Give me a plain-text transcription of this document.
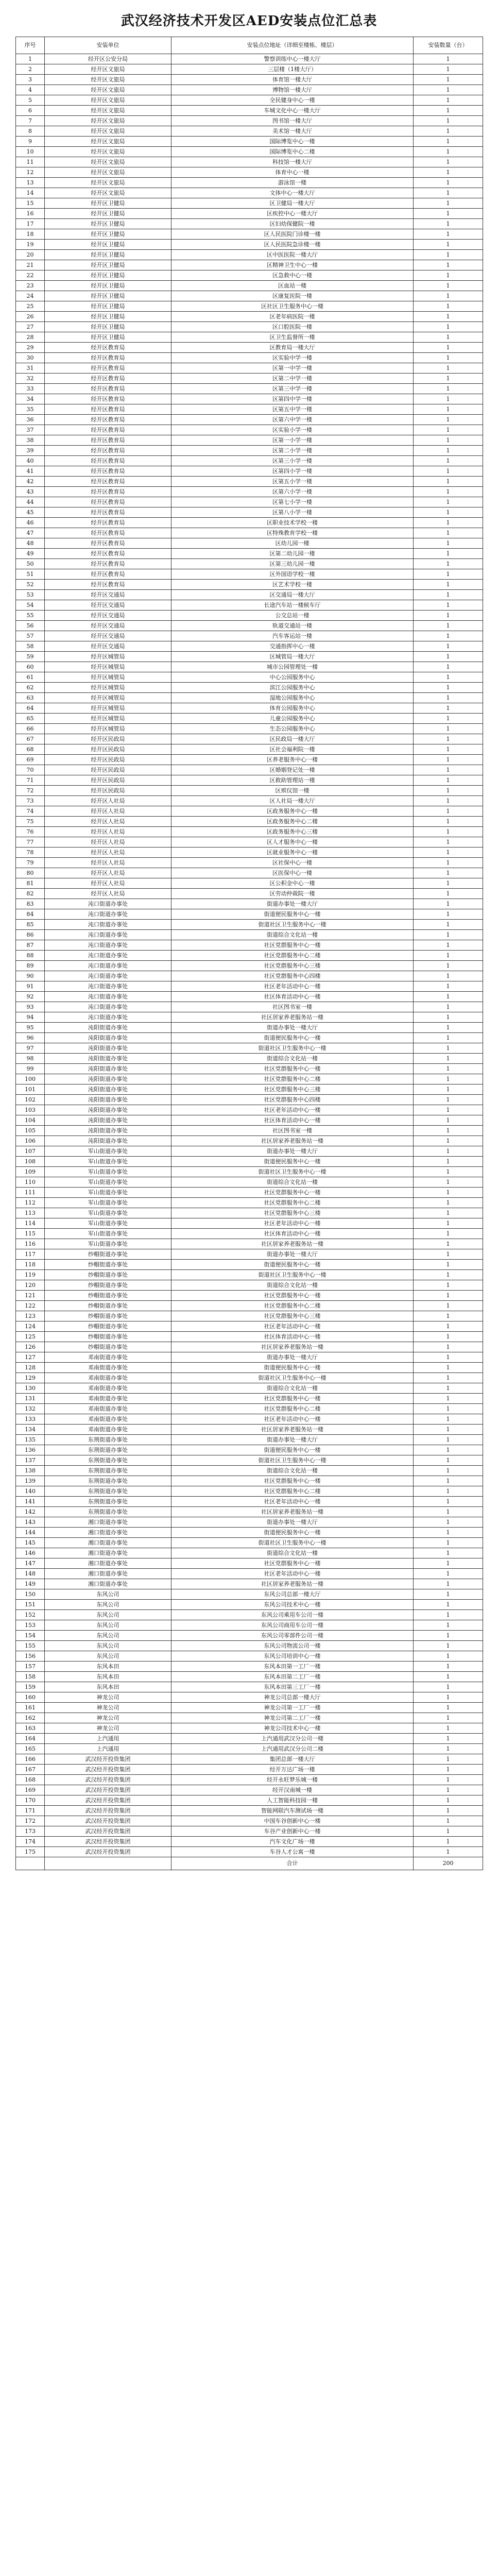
武汉经济技术开发区AED安装点位汇总表
序号	安装单位	安装点位地址（详细至楼栋、楼层）	安装数量（台）
1	经开区公安分局	警察训练中心一楼大厅	1
2	经开区文旅局	三层楼（1楼大厅）	1
3	经开区文旅局	体育馆一楼大厅	1
4	经开区文旅局	博物馆一楼大厅	1
5	经开区文旅局	全民健身中心一楼	1
6	经开区文旅局	车城文化中心一楼大厅	1
7	经开区文旅局	图书馆一楼大厅	1
8	经开区文旅局	美术馆一楼大厅	1
9	经开区文旅局	国际博览中心一楼	1
10	经开区文旅局	国际博览中心二楼	1
11	经开区文旅局	科技馆一楼大厅	1
12	经开区文旅局	体育中心一楼	1
13	经开区文旅局	游泳馆一楼	1
14	经开区文旅局	文体中心一楼大厅	1
15	经开区卫健局	区卫健局一楼大厅	1
16	经开区卫健局	区疾控中心一楼大厅	1
17	经开区卫健局	区妇幼保健院一楼	1
18	经开区卫健局	区人民医院门诊楼一楼	1
19	经开区卫健局	区人民医院急诊楼一楼	1
20	经开区卫健局	区中医医院一楼大厅	1
21	经开区卫健局	区精神卫生中心一楼	1
22	经开区卫健局	区急救中心一楼	1
23	经开区卫健局	区血站一楼	1
24	经开区卫健局	区康复医院一楼	1
25	经开区卫健局	区社区卫生服务中心一楼	1
26	经开区卫健局	区老年病医院一楼	1
27	经开区卫健局	区口腔医院一楼	1
28	经开区卫健局	区卫生监督所一楼	1
29	经开区教育局	区教育局一楼大厅	1
30	经开区教育局	区实验中学一楼	1
31	经开区教育局	区第一中学一楼	1
32	经开区教育局	区第二中学一楼	1
33	经开区教育局	区第三中学一楼	1
34	经开区教育局	区第四中学一楼	1
35	经开区教育局	区第五中学一楼	1
36	经开区教育局	区第六中学一楼	1
37	经开区教育局	区实验小学一楼	1
38	经开区教育局	区第一小学一楼	1
39	经开区教育局	区第二小学一楼	1
40	经开区教育局	区第三小学一楼	1
41	经开区教育局	区第四小学一楼	1
42	经开区教育局	区第五小学一楼	1
43	经开区教育局	区第六小学一楼	1
44	经开区教育局	区第七小学一楼	1
45	经开区教育局	区第八小学一楼	1
46	经开区教育局	区职业技术学校一楼	1
47	经开区教育局	区特殊教育学校一楼	1
48	经开区教育局	区幼儿园一楼	1
49	经开区教育局	区第二幼儿园一楼	1
50	经开区教育局	区第三幼儿园一楼	1
51	经开区教育局	区外国语学校一楼	1
52	经开区教育局	区艺术学校一楼	1
53	经开区交通局	区交通局一楼大厅	1
54	经开区交通局	长途汽车站一楼候车厅	1
55	经开区交通局	公交总站一楼	1
56	经开区交通局	轨道交通站一楼	1
57	经开区交通局	汽车客运站一楼	1
58	经开区交通局	交通指挥中心一楼	1
59	经开区城管局	区城管局一楼大厅	1
60	经开区城管局	城市公园管理处一楼	1
61	经开区城管局	中心公园服务中心	1
62	经开区城管局	滨江公园服务中心	1
63	经开区城管局	湿地公园服务中心	1
64	经开区城管局	体育公园服务中心	1
65	经开区城管局	儿童公园服务中心	1
66	经开区城管局	生态公园服务中心	1
67	经开区民政局	区民政局一楼大厅	1
68	经开区民政局	区社会福利院一楼	1
69	经开区民政局	区养老服务中心一楼	1
70	经开区民政局	区婚姻登记处一楼	1
71	经开区民政局	区救助管理站一楼	1
72	经开区民政局	区殡仪馆一楼	1
73	经开区人社局	区人社局一楼大厅	1
74	经开区人社局	区政务服务中心一楼	1
75	经开区人社局	区政务服务中心二楼	1
76	经开区人社局	区政务服务中心三楼	1
77	经开区人社局	区人才服务中心一楼	1
78	经开区人社局	区就业服务中心一楼	1
79	经开区人社局	区社保中心一楼	1
80	经开区人社局	区医保中心一楼	1
81	经开区人社局	区公积金中心一楼	1
82	经开区人社局	区劳动仲裁院一楼	1
83	沌口街道办事处	街道办事处一楼大厅	1
84	沌口街道办事处	街道便民服务中心一楼	1
85	沌口街道办事处	街道社区卫生服务中心一楼	1
86	沌口街道办事处	街道综合文化站一楼	1
87	沌口街道办事处	社区党群服务中心一楼	1
88	沌口街道办事处	社区党群服务中心二楼	1
89	沌口街道办事处	社区党群服务中心三楼	1
90	沌口街道办事处	社区党群服务中心四楼	1
91	沌口街道办事处	社区老年活动中心一楼	1
92	沌口街道办事处	社区体育活动中心一楼	1
93	沌口街道办事处	社区图书室一楼	1
94	沌口街道办事处	社区居家养老服务站一楼	1
95	沌阳街道办事处	街道办事处一楼大厅	1
96	沌阳街道办事处	街道便民服务中心一楼	1
97	沌阳街道办事处	街道社区卫生服务中心一楼	1
98	沌阳街道办事处	街道综合文化站一楼	1
99	沌阳街道办事处	社区党群服务中心一楼	1
100	沌阳街道办事处	社区党群服务中心二楼	1
101	沌阳街道办事处	社区党群服务中心三楼	1
102	沌阳街道办事处	社区党群服务中心四楼	1
103	沌阳街道办事处	社区老年活动中心一楼	1
104	沌阳街道办事处	社区体育活动中心一楼	1
105	沌阳街道办事处	社区图书室一楼	1
106	沌阳街道办事处	社区居家养老服务站一楼	1
107	军山街道办事处	街道办事处一楼大厅	1
108	军山街道办事处	街道便民服务中心一楼	1
109	军山街道办事处	街道社区卫生服务中心一楼	1
110	军山街道办事处	街道综合文化站一楼	1
111	军山街道办事处	社区党群服务中心一楼	1
112	军山街道办事处	社区党群服务中心二楼	1
113	军山街道办事处	社区党群服务中心三楼	1
114	军山街道办事处	社区老年活动中心一楼	1
115	军山街道办事处	社区体育活动中心一楼	1
116	军山街道办事处	社区居家养老服务站一楼	1
117	纱帽街道办事处	街道办事处一楼大厅	1
118	纱帽街道办事处	街道便民服务中心一楼	1
119	纱帽街道办事处	街道社区卫生服务中心一楼	1
120	纱帽街道办事处	街道综合文化站一楼	1
121	纱帽街道办事处	社区党群服务中心一楼	1
122	纱帽街道办事处	社区党群服务中心二楼	1
123	纱帽街道办事处	社区党群服务中心三楼	1
124	纱帽街道办事处	社区老年活动中心一楼	1
125	纱帽街道办事处	社区体育活动中心一楼	1
126	纱帽街道办事处	社区居家养老服务站一楼	1
127	邓南街道办事处	街道办事处一楼大厅	1
128	邓南街道办事处	街道便民服务中心一楼	1
129	邓南街道办事处	街道社区卫生服务中心一楼	1
130	邓南街道办事处	街道综合文化站一楼	1
131	邓南街道办事处	社区党群服务中心一楼	1
132	邓南街道办事处	社区党群服务中心二楼	1
133	邓南街道办事处	社区老年活动中心一楼	1
134	邓南街道办事处	社区居家养老服务站一楼	1
135	东荆街道办事处	街道办事处一楼大厅	1
136	东荆街道办事处	街道便民服务中心一楼	1
137	东荆街道办事处	街道社区卫生服务中心一楼	1
138	东荆街道办事处	街道综合文化站一楼	1
139	东荆街道办事处	社区党群服务中心一楼	1
140	东荆街道办事处	社区党群服务中心二楼	1
141	东荆街道办事处	社区老年活动中心一楼	1
142	东荆街道办事处	社区居家养老服务站一楼	1
143	湘口街道办事处	街道办事处一楼大厅	1
144	湘口街道办事处	街道便民服务中心一楼	1
145	湘口街道办事处	街道社区卫生服务中心一楼	1
146	湘口街道办事处	街道综合文化站一楼	1
147	湘口街道办事处	社区党群服务中心一楼	1
148	湘口街道办事处	社区老年活动中心一楼	1
149	湘口街道办事处	社区居家养老服务站一楼	1
150	东风公司	东风公司总部一楼大厅	1
151	东风公司	东风公司技术中心一楼	1
152	东风公司	东风公司乘用车公司一楼	1
153	东风公司	东风公司商用车公司一楼	1
154	东风公司	东风公司零部件公司一楼	1
155	东风公司	东风公司物流公司一楼	1
156	东风公司	东风公司培训中心一楼	1
157	东风本田	东风本田第一工厂一楼	1
158	东风本田	东风本田第二工厂一楼	1
159	东风本田	东风本田第三工厂一楼	1
160	神龙公司	神龙公司总部一楼大厅	1
161	神龙公司	神龙公司第一工厂一楼	1
162	神龙公司	神龙公司第二工厂一楼	1
163	神龙公司	神龙公司技术中心一楼	1
164	上汽通用	上汽通用武汉分公司一楼	1
165	上汽通用	上汽通用武汉分公司二楼	1
166	武汉经开投资集团	集团总部一楼大厅	1
167	武汉经开投资集团	经开万达广场一楼	1
168	武汉经开投资集团	经开永旺梦乐城一楼	1
169	武汉经开投资集团	经开汉南城一楼	1
170	武汉经开投资集团	人工智能科技园一楼	1
171	武汉经开投资集团	智能网联汽车测试场一楼	1
172	武汉经开投资集团	中国车谷创新中心一楼	1
173	武汉经开投资集团	车谷产业创新中心一楼	1
174	武汉经开投资集团	汽车文化广场一楼	1
175	武汉经开投资集团	车谷人才公寓一楼	1
		合计	200
